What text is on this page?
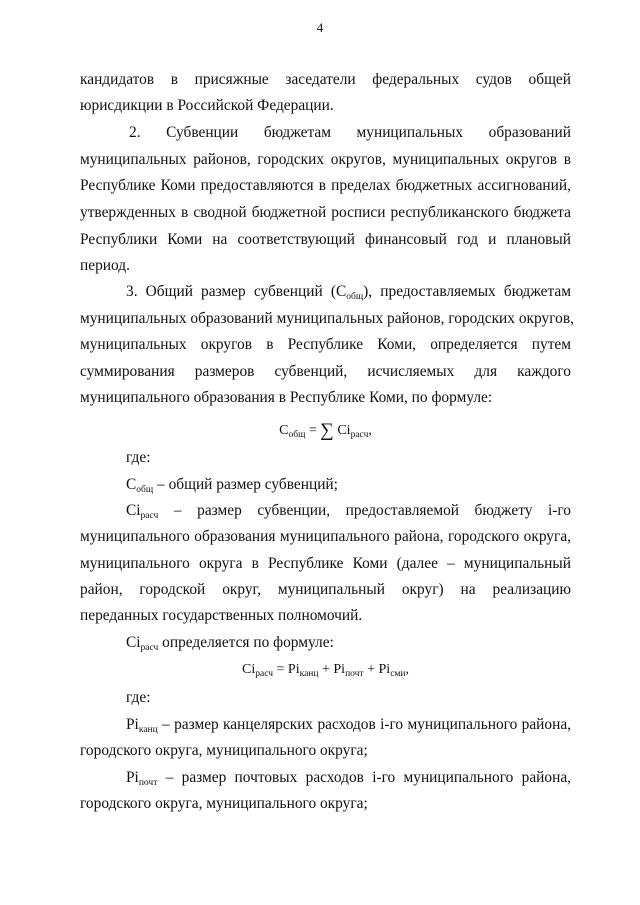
4
кандидатов в присяжные заседатели федеральных судов общей
юрисдикции в Российской Федерации.
2. Субвенции бюджетам муниципальных образований
муниципальных районов, городских округов, муниципальных округов в
Республике Коми предоставляются в пределах бюджетных ассигнований,
утвержденных в сводной бюджетной росписи республиканского бюджета
Республики Коми на соответствующий финансовый год и плановый
период.
3. Общий размер субвенций $(С_{общ})$, предоставляемых бюджетам
муниципальных образований муниципальных районов, городских округов,
муниципальных округов в Республике Коми, определяется путем
суммирования размеров субвенций, исчисляемых для каждого
муниципального образования в Республике Коми, по формуле:
$С_{общ}$ = ∑ $Ci_{расч}$,
где:
$С_{общ}$ – общий размер субвенций;
$Ci_{расч}$ – размер субвенции, предоставляемой бюджету i-го
муниципального образования муниципального района, городского округа,
муниципального округа в Республике Коми (далее – муниципальный
район, городской округ, муниципальный округ) на реализацию
переданных государственных полномочий.
$Ci_{расч}$ определяется по формуле:
$Ci_{расч} = Pi_{канц} + Pi_{почт} + Pi_{сми}$,
где:
$Pi_{канц}$ – размер канцелярских расходов i-го муниципального района,
городского округа, муниципального округа;
$Pi_{почт}$ – размер почтовых расходов i-го муниципального района,
городского округа, муниципального округа;
